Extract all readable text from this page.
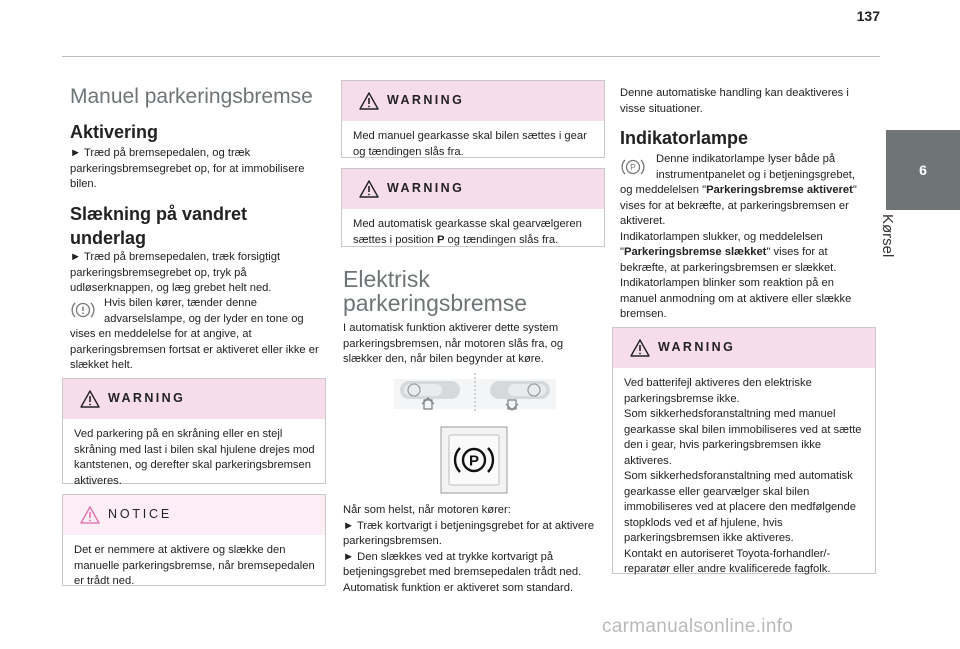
137
6
Kørsel
Manuel parkeringsbremse
Aktivering
► Træd på bremsepedalen, og træk parkeringsbremsegrebet op, for at immobilisere bilen.
Slækning på vandret
underlag
► Træd på bremsepedalen, træk forsigtigt parkeringsbremsegrebet op, tryk på udløserknappen, og læg grebet helt ned.
Hvis bilen kører, tænder denne
advarselslampe, og der lyder en tone og vises en meddelelse for at angive, at parkeringsbremsen fortsat er aktiveret eller ikke er slækket helt.
WARNING
Ved parkering på en skråning eller en stejl skråning med last i bilen skal hjulene drejes mod kantstenen, og derefter skal parkeringsbremsen aktiveres.
NOTICE
Det er nemmere at aktivere og slække den manuelle parkeringsbremse, når bremsepedalen er trådt ned.
WARNING
Med manuel gearkasse skal bilen sættes i gear og tændingen slås fra.
WARNING
Med automatisk gearkasse skal gearvælgeren sættes i position P og tændingen slås fra.
Elektrisk
parkeringsbremse
I automatisk funktion aktiverer dette system parkeringsbremsen, når motoren slås fra, og slækker den, når bilen begynder at køre.
P
Når som helst, når motoren kører:
► Træk kortvarigt i betjeningsgrebet for at aktivere parkeringsbremsen.
► Den slækkes ved at trykke kortvarigt på betjeningsgrebet med bremsepedalen trådt ned.
Automatisk funktion er aktiveret som standard.
Denne automatiske handling kan deaktiveres i visse situationer.
Indikatorlampe
P
Denne indikatorlampe lyser både på
instrumentpanelet og i betjeningsgrebet,
og meddelelsen "Parkeringsbremse aktiveret" vises for at bekræfte, at parkeringsbremsen er aktiveret.
Indikatorlampen slukker, og meddelelsen "Parkeringsbremse slækket" vises for at bekræfte, at parkeringsbremsen er slækket.
Indikatorlampen blinker som reaktion på en manuel anmodning om at aktivere eller slække bremsen.
WARNING
Ved batterifejl aktiveres den elektriske parkeringsbremse ikke.
Som sikkerhedsforanstaltning med manuel gearkasse skal bilen immobiliseres ved at sætte den i gear, hvis parkeringsbremsen ikke aktiveres.
Som sikkerhedsforanstaltning med automatisk gearkasse eller gearvælger skal bilen immobiliseres ved at placere den medfølgende stopklods ved et af hjulene, hvis parkeringsbremsen ikke aktiveres.
Kontakt en autoriseret Toyota-forhandler/-reparatør eller andre kvalificerede fagfolk.
carmanualsonline.info
